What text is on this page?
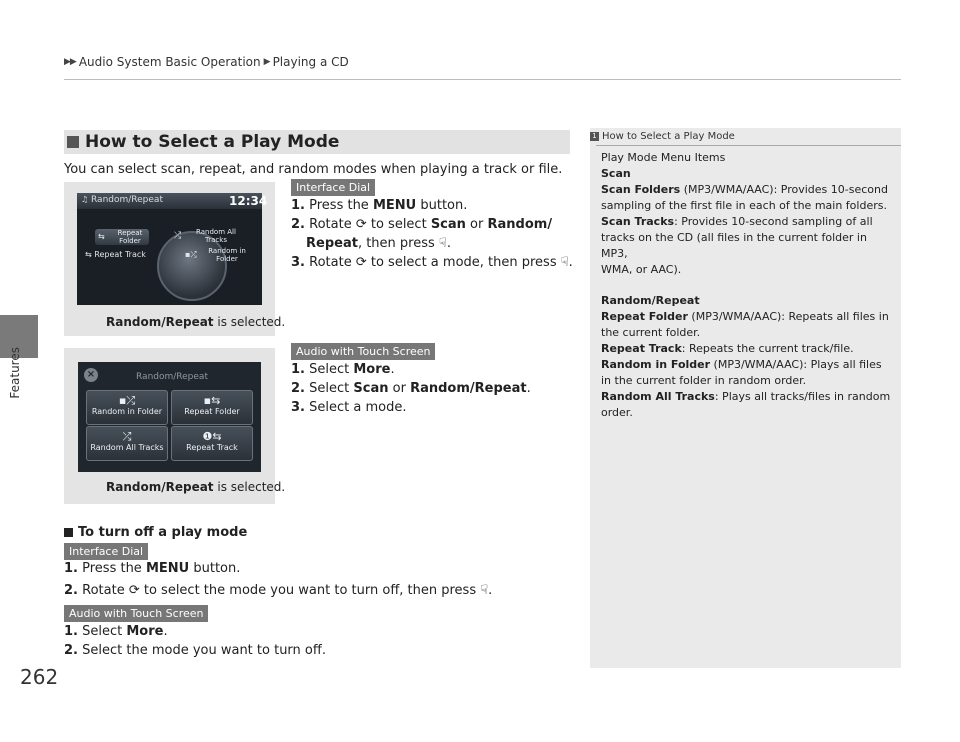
▶▶ Audio System Basic Operation ▶ Playing a CD
Features
262
How to Select a Play Mode
You can select scan, repeat, and random modes when playing a track or file.
♫ Random/Repeat	12:34
⇆	Repeat Folder	⤮	Random All Tracks
⇆ Repeat Track	▪⤮	Random in Folder
Random/Repeat is selected.
Interface Dial
1. Press the MENU button.
2. Rotate ⟳ to select Scan or Random/
Repeat, then press ☟.
3. Rotate ⟳ to select a mode, then press ☟.
×	Random/Repeat
▪⤮
Random in Folder
▪⇆
Repeat Folder
⤮
Random All Tracks
❶⇆
Repeat Track
Random/Repeat is selected.
Audio with Touch Screen
1. Select More.
2. Select Scan or Random/Repeat.
3. Select a mode.
To turn off a play mode
Interface Dial
1. Press the MENU button.
2. Rotate ⟳ to select the mode you want to turn off, then press ☟.
Audio with Touch Screen
1. Select More.
2. Select the mode you want to turn off.
1 How to Select a Play Mode
Play Mode Menu Items
Scan
Scan Folders (MP3/WMA/AAC): Provides 10-second
sampling of the first file in each of the main folders.
Scan Tracks: Provides 10-second sampling of all
tracks on the CD (all files in the current folder in MP3,
WMA, or AAC).
Random/Repeat
Repeat Folder (MP3/WMA/AAC): Repeats all files in
the current folder.
Repeat Track: Repeats the current track/file.
Random in Folder (MP3/WMA/AAC): Plays all files
in the current folder in random order.
Random All Tracks: Plays all tracks/files in random
order.
